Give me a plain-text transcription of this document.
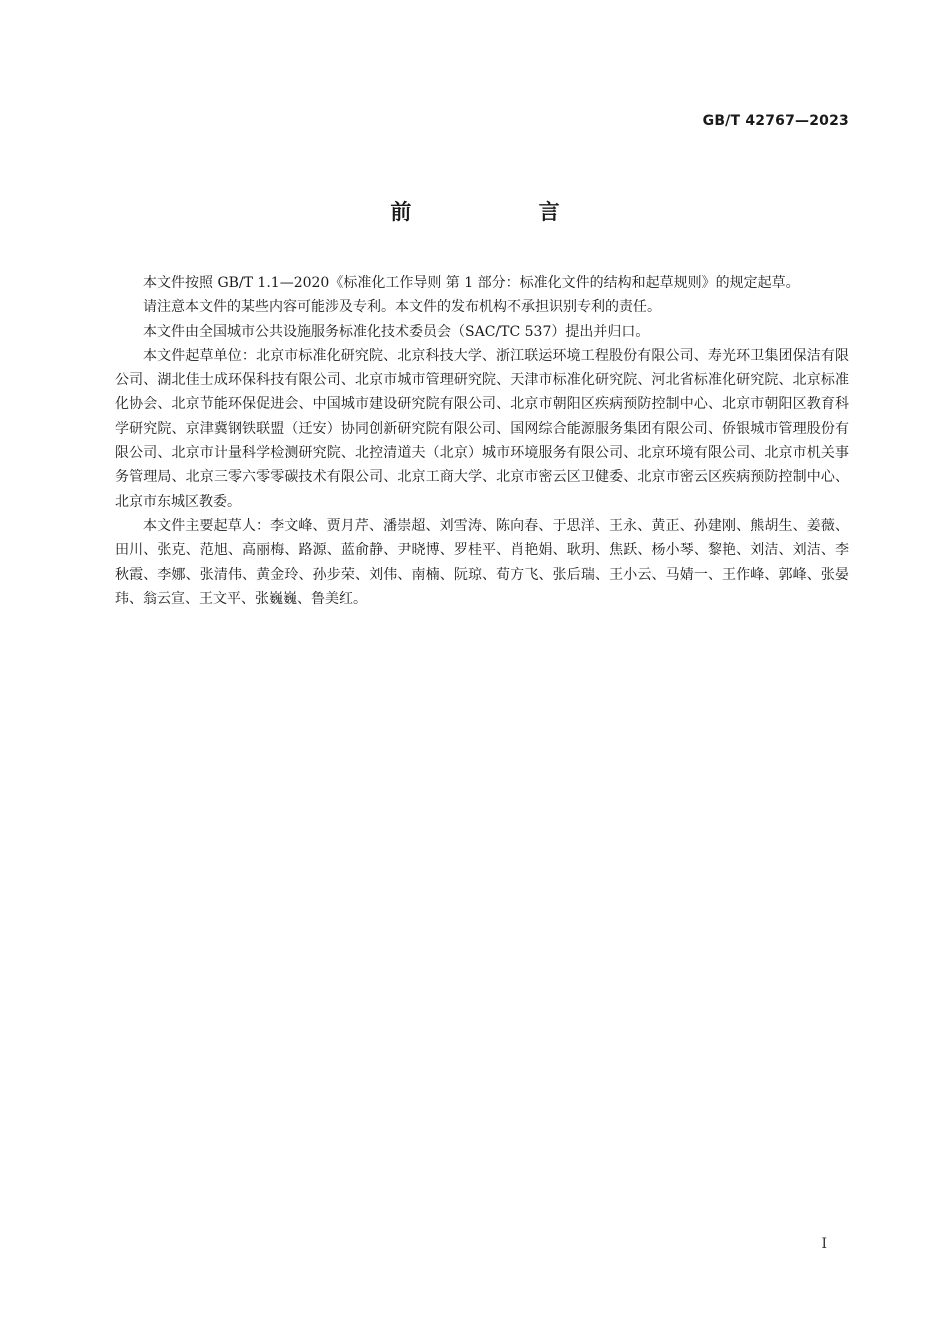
GB/T 42767—2023
前 言

本文件按照 GB/T 1.1—2020《标准化工作导则 第 1 部分：标准化文件的结构和起草规则》的规定起草。

请注意本文件的某些内容可能涉及专利。本文件的发布机构不承担识别专利的责任。

本文件由全国城市公共设施服务标准化技术委员会（SAC/TC 537）提出并归口。

本文件起草单位：北京市标准化研究院、北京科技大学、浙江联运环境工程股份有限公司、寿光环卫集团保洁有限公司、湖北佳士成环保科技有限公司、北京市城市管理研究院、天津市标准化研究院、河北省标准化研究院、北京标准化协会、北京节能环保促进会、中国城市建设研究院有限公司、北京市朝阳区疾病预防控制中心、北京市朝阳区教育科学研究院、京津冀钢铁联盟（迁安）协同创新研究院有限公司、国网综合能源服务集团有限公司、侨银城市管理股份有限公司、北京市计量科学检测研究院、北控清道夫（北京）城市环境服务有限公司、北京环境有限公司、北京市机关事务管理局、北京三零六零零碳技术有限公司、北京工商大学、北京市密云区卫健委、北京市密云区疾病预防控制中心、北京市东城区教委。

本文件主要起草人：李文峰、贾月芹、潘崇超、刘雪涛、陈向春、于思洋、王永、黄正、孙建刚、熊胡生、姜薇、田川、张克、范旭、高丽梅、路源、蓝俞静、尹晓博、罗桂平、肖艳娟、耿玥、焦跃、杨小琴、黎艳、刘洁、刘洁、李秋霞、李娜、张清伟、黄金玲、孙步荣、刘伟、南楠、阮琼、荀方飞、张后瑞、王小云、马婧一、王作峰、郭峰、张晏玮、翁云宣、王文平、张巍巍、鲁美红。

I
